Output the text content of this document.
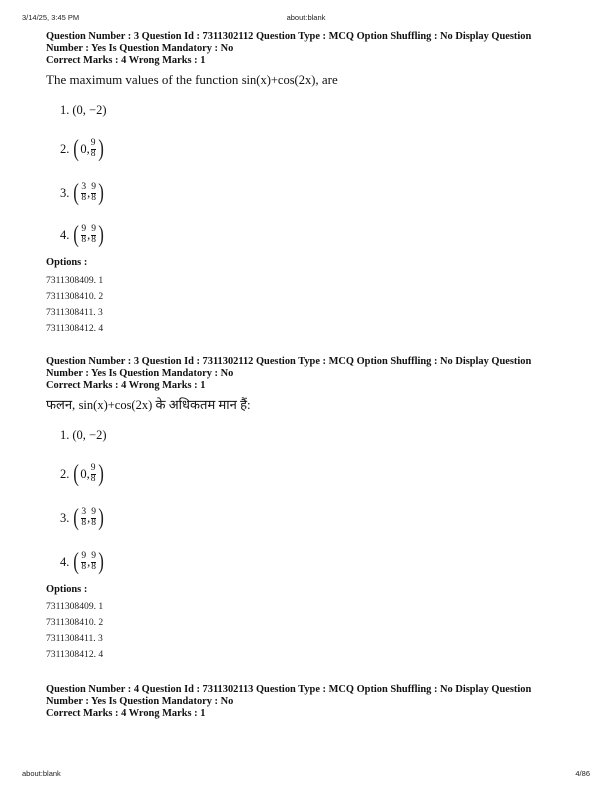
3/14/25, 3:45 PM	about:blank

Question Number : 3 Question Id : 7311302112 Question Type : MCQ Option Shuffling : No Display Question
Number : Yes Is Question Mandatory : No
Correct Marks : 4 Wrong Marks : 1

The maximum values of the function sin(x)+cos(2x), are
1. (0, −2)
2. ( 0, $\frac{9}{8}$ )
3. ( $\frac{3}{8}$ , $\frac{9}{8}$ )
4. ( $\frac{9}{8}$ , $\frac{9}{8}$ )
Options :
7311308409. 1
7311308410. 2
7311308411. 3
7311308412. 4

Question Number : 3 Question Id : 7311302112 Question Type : MCQ Option Shuffling : No Display Question
Number : Yes Is Question Mandatory : No
Correct Marks : 4 Wrong Marks : 1

फलन, sin(x)+cos(2x) के अधिकतम मान हैं:
1. (0, −2)
2. ( 0, $\frac{9}{8}$ )
3. ( $\frac{3}{8}$ , $\frac{9}{8}$ )
4. ( $\frac{9}{8}$ , $\frac{9}{8}$ )
Options :
7311308409. 1
7311308410. 2
7311308411. 3
7311308412. 4

Question Number : 4 Question Id : 7311302113 Question Type : MCQ Option Shuffling : No Display Question
Number : Yes Is Question Mandatory : No
Correct Marks : 4 Wrong Marks : 1

about:blank	4/86
